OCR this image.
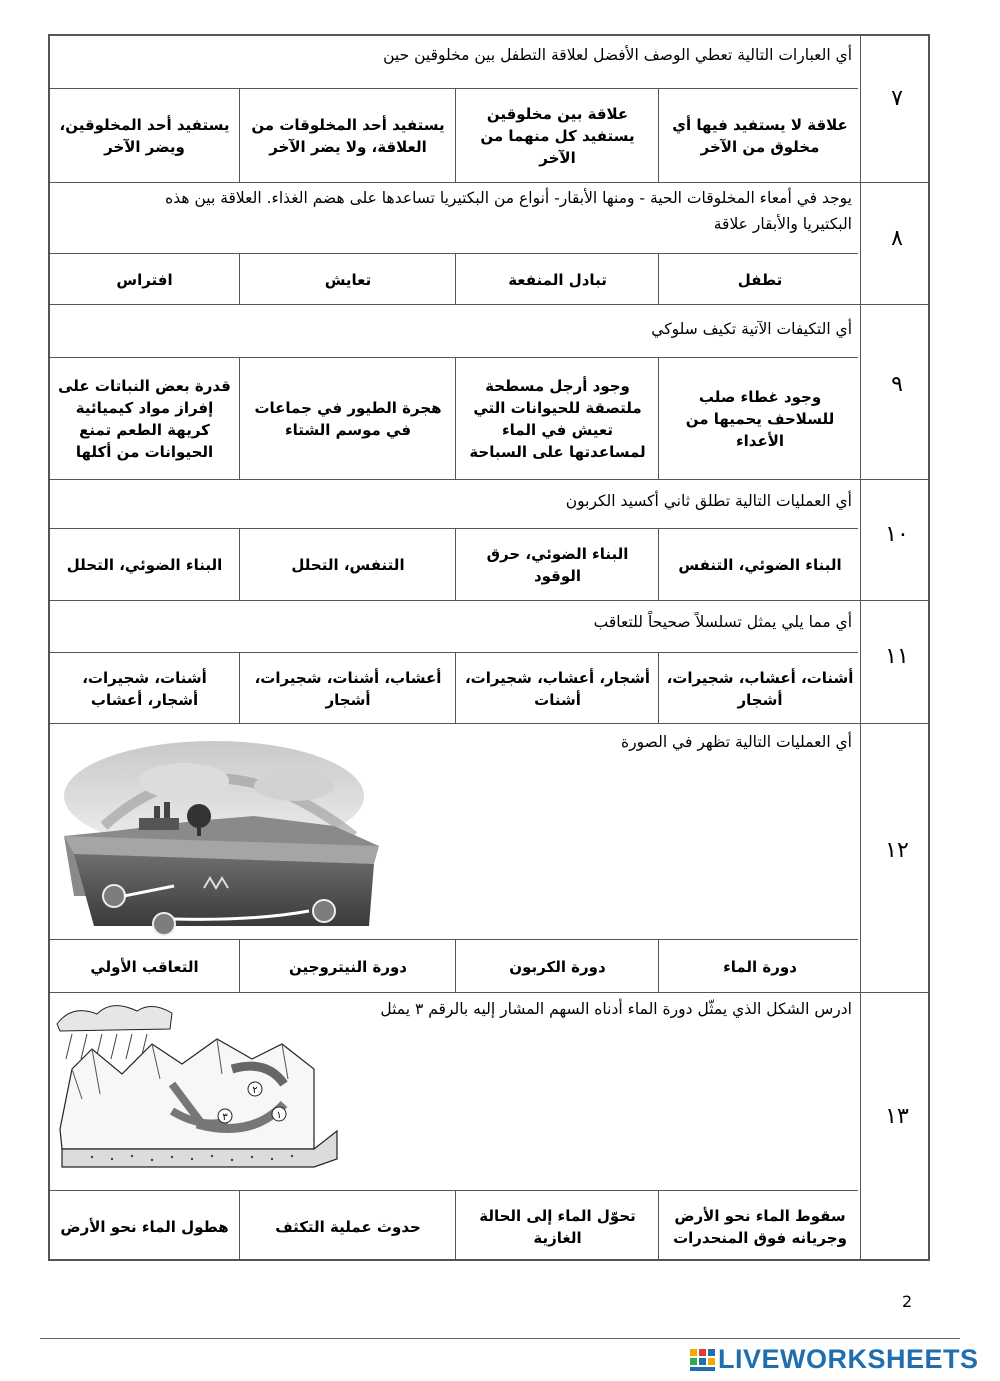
٧
أي العبارات التالية تعطي الوصف الأفضل لعلاقة التطفل بين مخلوقين حين
علاقة لا يستفيد فيها أي مخلوق من الآخر
علاقة بين مخلوقين يستفيد كل منهما من الآخر
يستفيد أحد المخلوقات من العلاقة، ولا يضر الآخر
يستفيد أحد المخلوقين، ويضر الآخر
٨
يوجد في أمعاء المخلوقات الحية - ومنها الأبقار- أنواع من البكتيريا تساعدها على هضم الغذاء. العلاقة بين هذه البكتيريا والأبقار علاقة
تطفل
تبادل المنفعة
تعايش
افتراس
٩
أي التكيفات الآتية تكيف سلوكي
وجود غطاء صلب للسلاحف يحميها من الأعداء
وجود أرجل مسطحة ملتصقة للحيوانات التي تعيش في الماء لمساعدتها على السباحة
هجرة الطيور في جماعات في موسم الشتاء
قدرة بعض النباتات على إفراز مواد كيميائية كريهة الطعم تمنع الحيوانات من أكلها
١٠
أي العمليات التالية تطلق ثاني أكسيد الكربون
البناء الضوئي، التنفس
البناء الضوئي، حرق الوقود
التنفس، التحلل
البناء الضوئي، التحلل
١١
أي مما يلي يمثل تسلسلاً صحيحاً للتعاقب
أشنات، أعشاب، شجيرات، أشجار
أشجار، أعشاب، شجيرات، أشنات
أعشاب، أشنات، شجيرات، أشجار
أشنات، شجيرات، أشجار، أعشاب
١٢
أي العمليات التالية تظهر في الصورة
دورة الماء
دورة الكربون
دورة النيتروجين
التعاقب الأولي
١٣
ادرس الشكل الذي يمثّل دورة الماء أدناه السهم المشار إليه بالرقم ٣ يمثل
٢
٣	١
سقوط الماء نحو الأرض وجريانه فوق المنحدرات
تحوّل الماء إلى الحالة الغازية
حدوث عملية التكثف
هطول الماء نحو الأرض
2
LIVEWORKSHEETS
